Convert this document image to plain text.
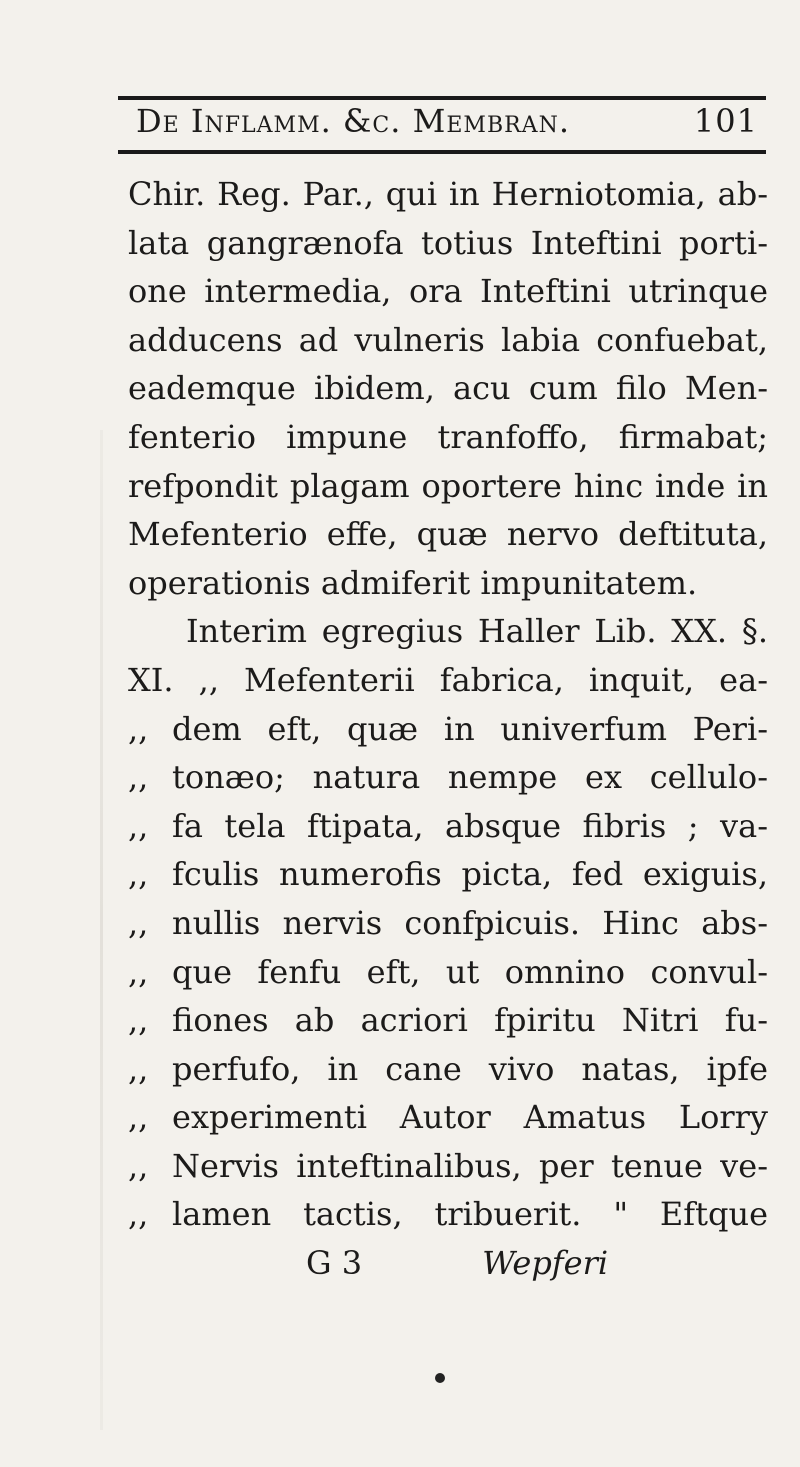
De Inflamm. &c. Membran.	101
Chir. Reg. Par., qui in Herniotomia, ab-
lata gangrænofa totius Inteftini porti-
one intermedia, ora Inteftini utrinque
adducens ad vulneris labia confuebat,
eademque ibidem, acu cum filo Men-
fenterio impune tranfoffo, firmabat;
refpondit plagam oportere hinc inde in
Mefenterio effe, quæ nervo deftituta,
operationis admiferit impunitatem.
Interim egregius Haller Lib. XX. §.
XI. ,, Mefenterii fabrica, inquit, ea-
,, dem eft, quæ in univerfum Peri-
,, tonæo; natura nempe ex cellulo-
,, fa tela ftipata, absque fibris ; va-
,, fculis numerofis picta, fed exiguis,
,, nullis nervis confpicuis. Hinc abs-
,, que fenfu eft, ut omnino convul-
,, fiones ab acriori fpiritu Nitri fu-
,, perfufo, in cane vivo natas, ipfe
,, experimenti Autor Amatus Lorry
,, Nervis inteftinalibus, per tenue ve-
,, lamen tactis, tribuerit. " Eftque
G 3	Wepferi
